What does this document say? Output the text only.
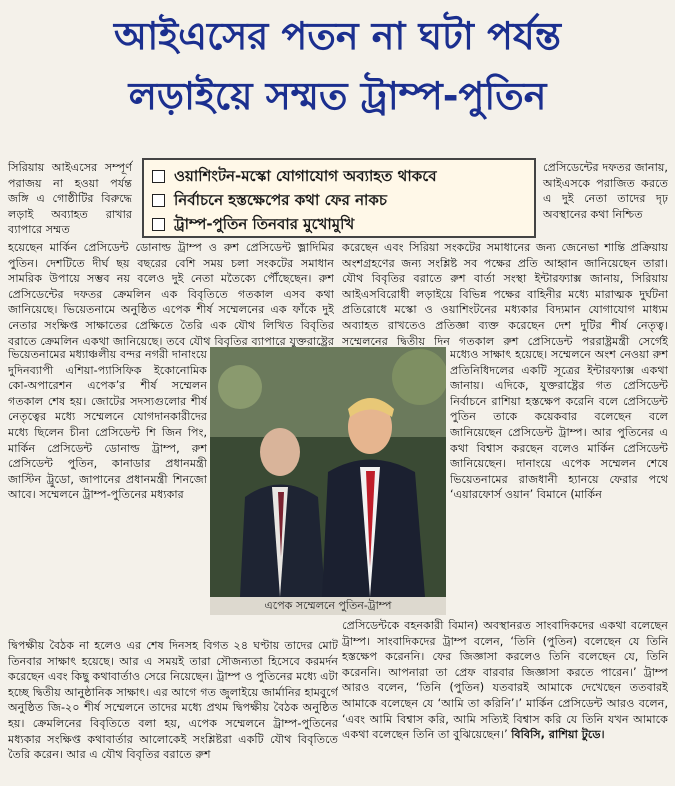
আইএসের পতন না ঘটা পর্যন্ত
লড়াইয়ে সম্মত ট্রাম্প-পুতিন

সিরিয়ায় আইএসের সম্পূর্ণ পরাজয় না হওয়া পর্যন্ত জঙ্গি এ গোষ্ঠীটির বিরুদ্ধে লড়াই অব্যাহত রাখার ব্যাপারে সম্মত

ওয়াশিংটন-মস্কো যোগাযোগ অব্যাহত থাকবে
নির্বাচনে হস্তক্ষেপের কথা ফের নাকচ
ট্রাম্প-পুতিন তিনবার মুখোমুখি

প্রেসিডেন্টের দফতর জানায়, আইএসকে পরাজিত করতে এ দুই নেতা তাদের দৃঢ় অবস্থানের কথা নিশ্চিত

হয়েছেন মার্কিন প্রেসিডেন্ট ডোনাল্ড ট্রাম্প ও রুশ প্রেসিডেন্ট ভ্লাদিমির পুতিন। দেশটিতে দীর্ঘ ছয় বছরের বেশি সময় চলা সংকটের সমাধান সামরিক উপায়ে সম্ভব নয় বলেও দুই নেতা মতৈক্যে পৌঁছেছেন। রুশ প্রেসিডেন্টের দফতর ক্রেমলিন এক বিবৃতিতে গতকাল এসব কথা জানিয়েছে। ভিয়েতনামে অনুষ্ঠিত এপেক শীর্ষ সম্মেলনের এক ফাঁকে দুই নেতার সংক্ষিপ্ত সাক্ষাতের প্রেক্ষিতে তৈরি এক যৌথ লিখিত বিবৃতির বরাতে ক্রেমলিন একথা জানিয়েছে। তবে যৌথ বিবৃতির ব্যাপারে যুক্তরাষ্ট্রের

ভিয়েতনামের মধ্যাঞ্চলীয় বন্দর নগরী দানাংয়ে দুদিনব্যাপী এশিয়া-প্যাসিফিক ইকোনোমিক কো-অপারেশন এপেক’র শীর্ষ সম্মেলন গতকাল শেষ হয়। জোটের সদস্যগুলোর শীর্ষ নেতৃত্বের মধ্যে সম্মেলনে যোগদানকারীদের মধ্যে ছিলেন চীনা প্রেসিডেন্ট শি জিন পিং, মার্কিন প্রেসিডেন্ট ডোনাল্ড ট্রাম্প, রুশ প্রেসিডেন্ট পুতিন, কানাডার প্রধানমন্ত্রী জাস্টিন ট্রুডো, জাপানের প্রধানমন্ত্রী শিনজো আবে। সম্মেলনে ট্রাম্প-পুতিনের মধ্যকার

করেছেন এবং সিরিয়া সংকটের সমাধানের জন্য জেনেভা শান্তি প্রক্রিয়ায় অংশগ্রহণের জন্য সংশ্লিষ্ট সব পক্ষের প্রতি আহ্বান জানিয়েছেন তারা। যৌথ বিবৃতির বরাতে রুশ বার্তা সংস্থা ইন্টারফ্যাক্স জানায়, সিরিয়ায় আইএসবিরোধী লড়াইয়ে বিভিন্ন পক্ষের বাহিনীর মধ্যে মারাত্মক দুর্ঘটনা প্রতিরোধে মস্কো ও ওয়াশিংটনের মধ্যকার বিদ্যমান যোগাযোগ মাধ্যম অব্যাহত রাখতেও প্রতিজ্ঞা ব্যক্ত করেছেন দেশ দুটির শীর্ষ নেতৃত্ব। সম্মেলনের দ্বিতীয় দিন গতকাল রুশ প্রেসিডেন্ট পররাষ্ট্রমন্ত্রী সের্গেই

মধ্যেও সাক্ষাৎ হয়েছে। সম্মেলনে অংশ নেওয়া রুশ প্রতিনিধিদলের একটি সূত্রের ইন্টারফ্যাক্স একথা জানায়। এদিকে, যুক্তরাষ্ট্রের গত প্রেসিডেন্ট নির্বাচনে রাশিয়া হস্তক্ষেপ করেনি বলে প্রেসিডেন্ট পুতিন তাকে কয়েকবার বলেছেন বলে জানিয়েছেন প্রেসিডেন্ট ট্রাম্প। আর পুতিনের এ কথা বিশ্বাস করছেন বলেও মার্কিন প্রেসিডেন্ট জানিয়েছেন। দানাংয়ে এপেক সম্মেলন শেষে ভিয়েতনামের রাজধানী হ্যানয়ে ফেরার পথে ‘এয়ারফোর্স ওয়ান’ বিমানে (মার্কিন

এপেক সম্মেলনে পুতিন-ট্রাম্প

দ্বিপক্ষীয় বৈঠক না হলেও এর শেষ দিনসহ বিগত ২৪ ঘণ্টায় তাদের মোট তিনবার সাক্ষাৎ হয়েছে। আর এ সময়ই তারা সৌজন্যতা হিসেবে করমর্দন করেছেন এবং কিছু কথাবার্তাও সেরে নিয়েছেন। ট্রাম্প ও পুতিনের মধ্যে এটা হচ্ছে দ্বিতীয় আনুষ্ঠানিক সাক্ষাৎ। এর আগে গত জুলাইয়ে জার্মানির হামবুর্গে অনুষ্ঠিত জি-২০ শীর্ষ সম্মেলনে তাদের মধ্যে প্রথম দ্বিপক্ষীয় বৈঠক অনুষ্ঠিত হয়। ক্রেমলিনের বিবৃতিতে বলা হয়, এপেক সম্মেলনে ট্রাম্প-পুতিনের মধ্যকার সংক্ষিপ্ত কথাবার্তার আলোকেই সংশ্লিষ্টরা একটি যৌথ বিবৃতিতে তৈরি করেন। আর এ যৌথ বিবৃতির বরাতে রুশ

প্রেসিডেন্টকে বহনকারী বিমান) অবস্থানরত সাংবাদিকদের একথা বলেছেন ট্রাম্প। সাংবাদিকদের ট্রাম্প বলেন, ‘তিনি (পুতিন) বলেছেন যে তিনি হস্তক্ষেপ করেননি। ফের জিজ্ঞাসা করলেও তিনি বলেছেন যে, তিনি করেননি। আপনারা তা প্রেফ বারবার জিজ্ঞাসা করতে পারেন।’ ট্রাম্প আরও বলেন, ‘তিনি (পুতিন) যতবারই আমাকে দেখেছেন ততবারই আমাকে বলেছেন যে ‘আমি তা করিনি’।’ মার্কিন প্রেসিডেন্ট আরও বলেন, ‘এবং আমি বিশ্বাস করি, আমি সত্যিই বিশ্বাস করি যে তিনি যখন আমাকে একথা বলেছেন তিনি তা বুঝিয়েছেন।’ বিবিসি, রাশিয়া টুডে।
